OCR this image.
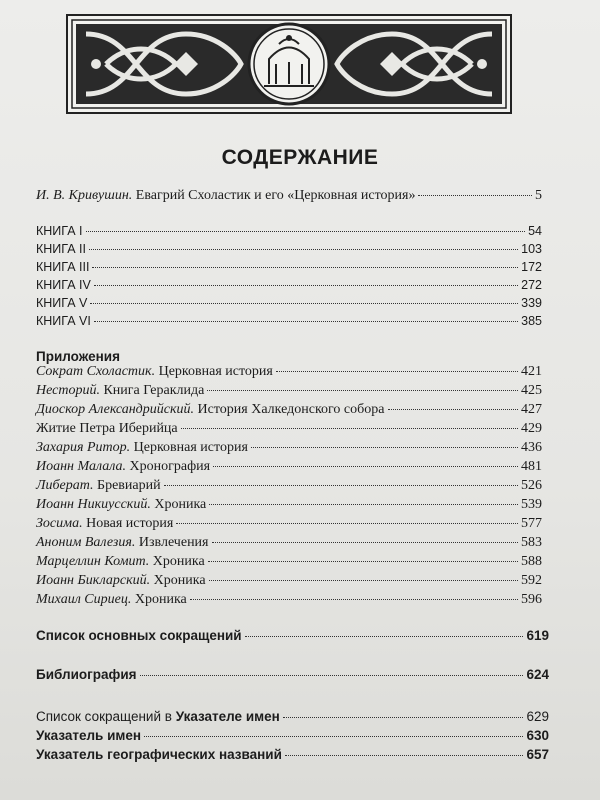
СОДЕРЖАНИЕ
И. В. Кривушин. Евагрий Схоластик и его «Церковная история»	5
КНИГА I	54
КНИГА II	103
КНИГА III	172
КНИГА IV	272
КНИГА V	339
КНИГА VI	385
Приложения
Сократ Схоластик. Церковная история	421
Несторий. Книга Гераклида	425
Диоскор Александрийский. История Халкедонского собора	427
Житие Петра Иберийца	429
Захария Ритор. Церковная история	436
Иоанн Малала. Хронография	481
Либерат. Бревиарий	526
Иоанн Никиусский. Хроника	539
Зосима. Новая история	577
Аноним Валезия. Извлечения	583
Марцеллин Комит. Хроника	588
Иоанн Бикларский. Хроника	592
Михаил Сириец. Хроника	596
Список основных сокращений	619
Библиография	624
Список сокращений в Указателе имен	629
Указатель имен	630
Указатель географических названий	657
